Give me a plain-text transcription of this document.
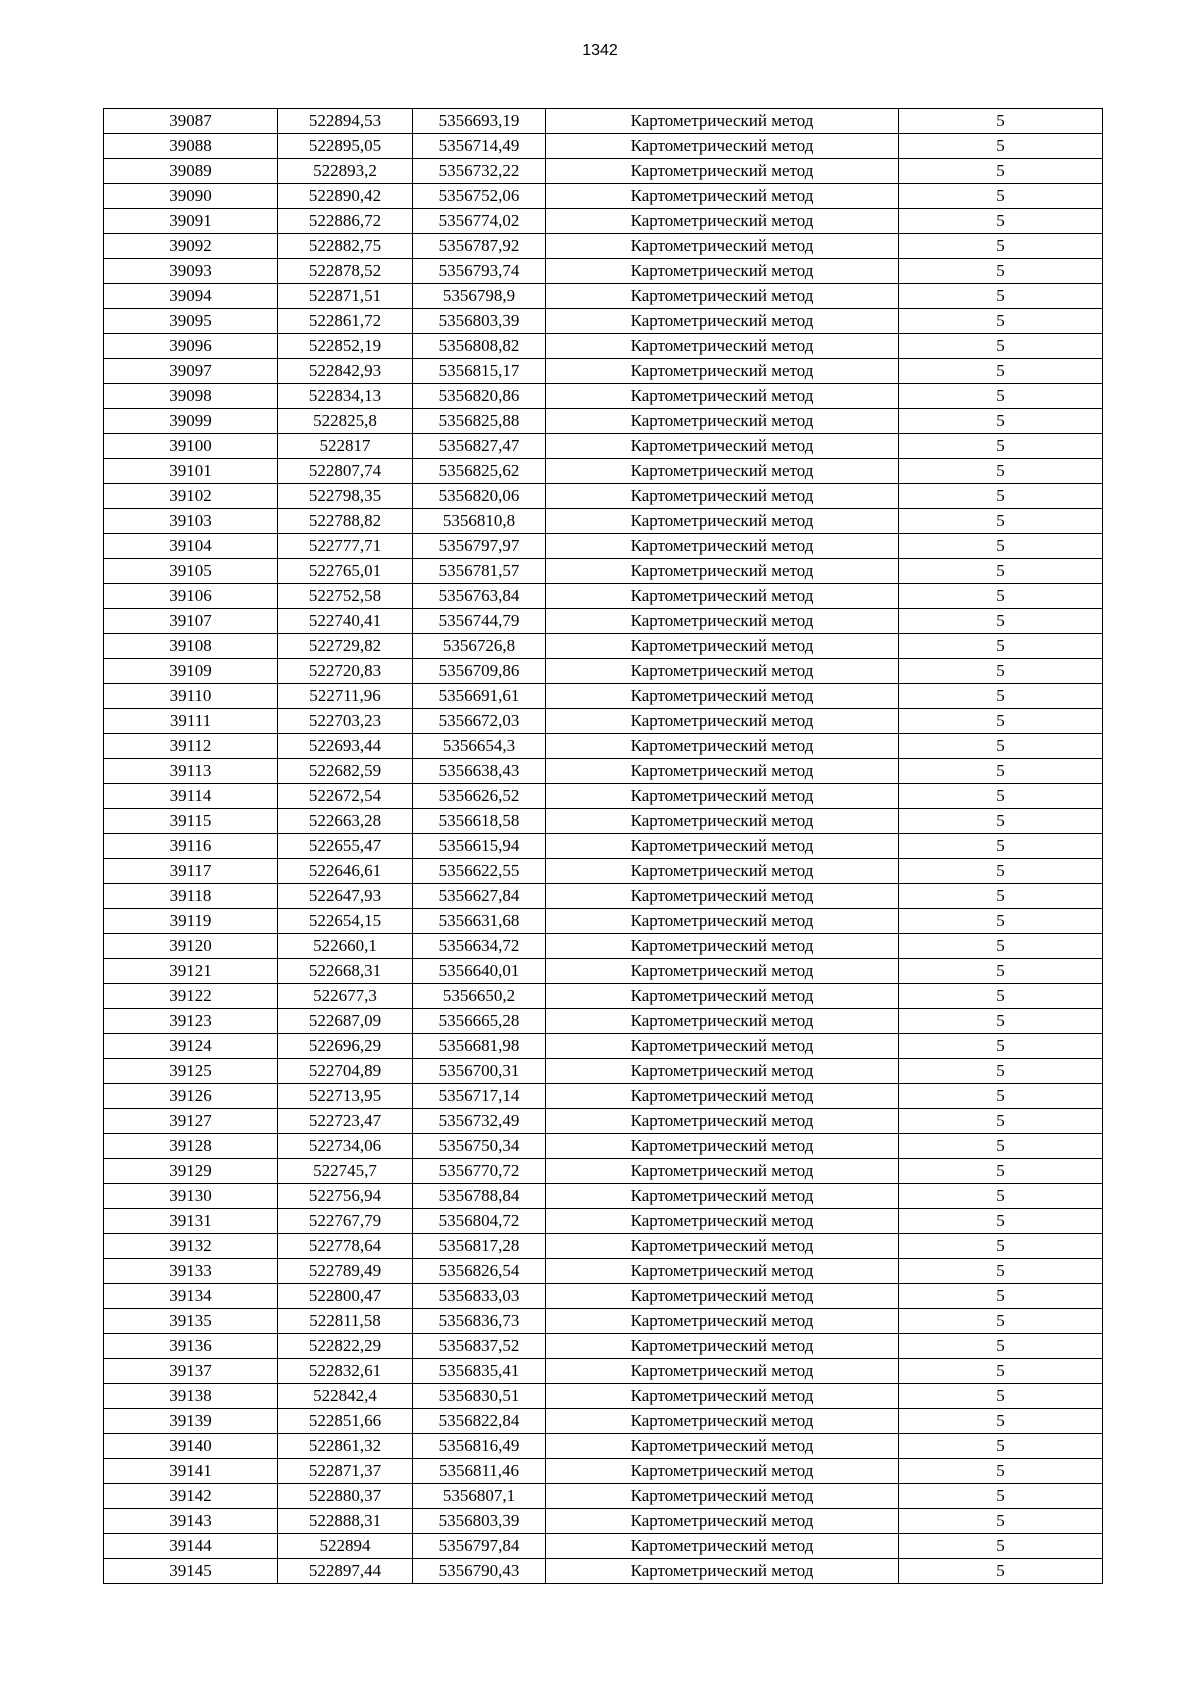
1342
39087	522894,53	5356693,19	Картометрический метод	5
39088	522895,05	5356714,49	Картометрический метод	5
39089	522893,2	5356732,22	Картометрический метод	5
39090	522890,42	5356752,06	Картометрический метод	5
39091	522886,72	5356774,02	Картометрический метод	5
39092	522882,75	5356787,92	Картометрический метод	5
39093	522878,52	5356793,74	Картометрический метод	5
39094	522871,51	5356798,9	Картометрический метод	5
39095	522861,72	5356803,39	Картометрический метод	5
39096	522852,19	5356808,82	Картометрический метод	5
39097	522842,93	5356815,17	Картометрический метод	5
39098	522834,13	5356820,86	Картометрический метод	5
39099	522825,8	5356825,88	Картометрический метод	5
39100	522817	5356827,47	Картометрический метод	5
39101	522807,74	5356825,62	Картометрический метод	5
39102	522798,35	5356820,06	Картометрический метод	5
39103	522788,82	5356810,8	Картометрический метод	5
39104	522777,71	5356797,97	Картометрический метод	5
39105	522765,01	5356781,57	Картометрический метод	5
39106	522752,58	5356763,84	Картометрический метод	5
39107	522740,41	5356744,79	Картометрический метод	5
39108	522729,82	5356726,8	Картометрический метод	5
39109	522720,83	5356709,86	Картометрический метод	5
39110	522711,96	5356691,61	Картометрический метод	5
39111	522703,23	5356672,03	Картометрический метод	5
39112	522693,44	5356654,3	Картометрический метод	5
39113	522682,59	5356638,43	Картометрический метод	5
39114	522672,54	5356626,52	Картометрический метод	5
39115	522663,28	5356618,58	Картометрический метод	5
39116	522655,47	5356615,94	Картометрический метод	5
39117	522646,61	5356622,55	Картометрический метод	5
39118	522647,93	5356627,84	Картометрический метод	5
39119	522654,15	5356631,68	Картометрический метод	5
39120	522660,1	5356634,72	Картометрический метод	5
39121	522668,31	5356640,01	Картометрический метод	5
39122	522677,3	5356650,2	Картометрический метод	5
39123	522687,09	5356665,28	Картометрический метод	5
39124	522696,29	5356681,98	Картометрический метод	5
39125	522704,89	5356700,31	Картометрический метод	5
39126	522713,95	5356717,14	Картометрический метод	5
39127	522723,47	5356732,49	Картометрический метод	5
39128	522734,06	5356750,34	Картометрический метод	5
39129	522745,7	5356770,72	Картометрический метод	5
39130	522756,94	5356788,84	Картометрический метод	5
39131	522767,79	5356804,72	Картометрический метод	5
39132	522778,64	5356817,28	Картометрический метод	5
39133	522789,49	5356826,54	Картометрический метод	5
39134	522800,47	5356833,03	Картометрический метод	5
39135	522811,58	5356836,73	Картометрический метод	5
39136	522822,29	5356837,52	Картометрический метод	5
39137	522832,61	5356835,41	Картометрический метод	5
39138	522842,4	5356830,51	Картометрический метод	5
39139	522851,66	5356822,84	Картометрический метод	5
39140	522861,32	5356816,49	Картометрический метод	5
39141	522871,37	5356811,46	Картометрический метод	5
39142	522880,37	5356807,1	Картометрический метод	5
39143	522888,31	5356803,39	Картометрический метод	5
39144	522894	5356797,84	Картометрический метод	5
39145	522897,44	5356790,43	Картометрический метод	5
